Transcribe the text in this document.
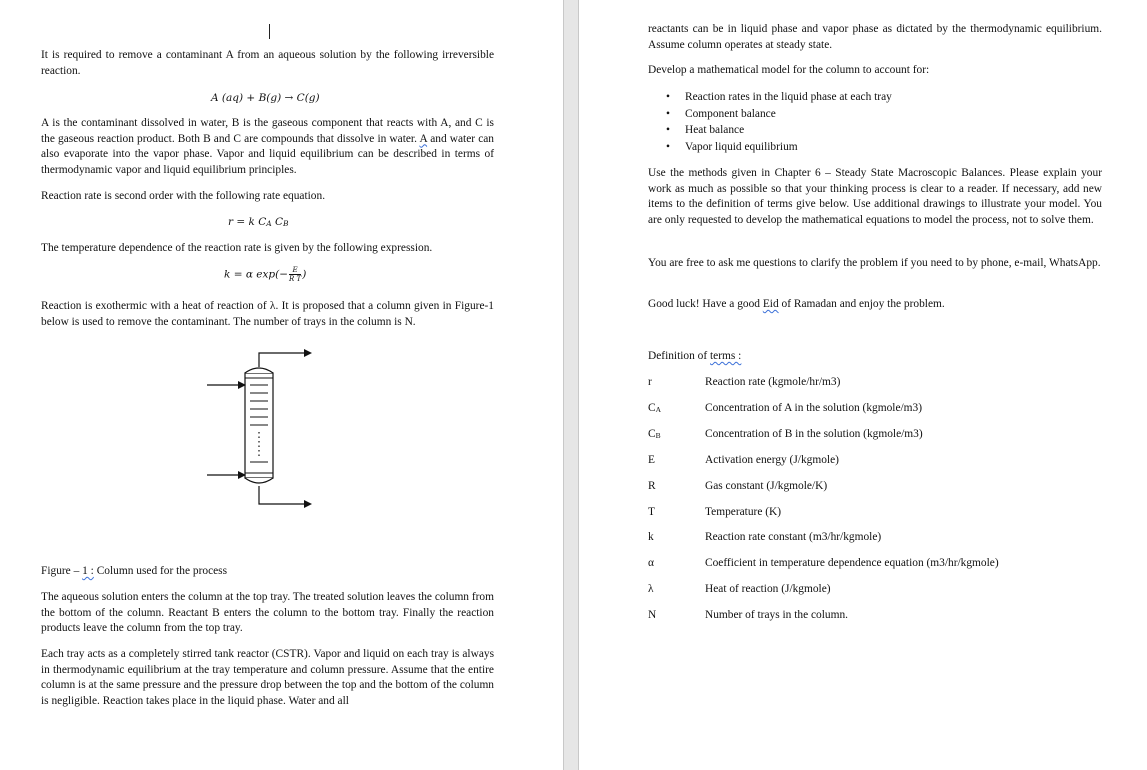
It is required to remove a contaminant A from an aqueous solution by the following irreversible reaction.

A (aq) + B(g) → C(g)

A is the contaminant dissolved in water, B is the gaseous component that reacts with A, and C is the gaseous reaction product. Both B and C are compounds that dissolve in water. A and water can also evaporate into the vapor phase. Vapor and liquid equilibrium can be described in terms of thermodynamic vapor and liquid equilibrium principles.

Reaction rate is second order with the following rate equation.

r = k CA CB

The temperature dependence of the reaction rate is given by the following expression.

k = α $\exp(- \frac{E}{\text{R T}}$ )

Reaction is exothermic with a heat of reaction of λ. It is proposed that a column given in Figure-1 below is used to remove the contaminant. The number of trays in the column is N.

Figure – 1 : Column used for the process

The aqueous solution enters the column at the top tray. The treated solution leaves the column from the bottom of the column. Reactant B enters the column to the bottom tray. Finally the reaction products leave the column from the top tray.

Each tray acts as a completely stirred tank reactor (CSTR). Vapor and liquid on each tray is always in thermodynamic equilibrium at the tray temperature and column pressure. Assume that the entire column is at the same pressure and the pressure drop between the top and the bottom of the column is negligible. Reaction takes place in the liquid phase. Water and all

reactants can be in liquid phase and vapor phase as dictated by the thermodynamic equilibrium. Assume column operates at steady state.

Develop a mathematical model for the column to account for:

• Reaction rates in the liquid phase at each tray
• Component balance
• Heat balance
• Vapor liquid equilibrium

Use the methods given in Chapter 6 – Steady State Macroscopic Balances. Please explain your work as much as possible so that your thinking process is clear to a reader. If necessary, add new items to the definition of terms give below. Use additional drawings to illustrate your model. You are only requested to develop the mathematical equations to model the process, not to solve them.

You are free to ask me questions to clarify the problem if you need to by phone, e-mail, WhatsApp.

Good luck! Have a good Eid of Ramadan and enjoy the problem.

Definition of terms :

r	Reaction rate (kgmole/hr/m3)
CA	Concentration of A in the solution (kgmole/m3)
CB	Concentration of B in the solution (kgmole/m3)
E	Activation energy (J/kgmole)
R	Gas constant (J/kgmole/K)
T	Temperature (K)
k	Reaction rate constant (m3/hr/kgmole)
α	Coefficient in temperature dependence equation (m3/hr/kgmole)
λ	Heat of reaction (J/kgmole)
N	Number of trays in the column.
